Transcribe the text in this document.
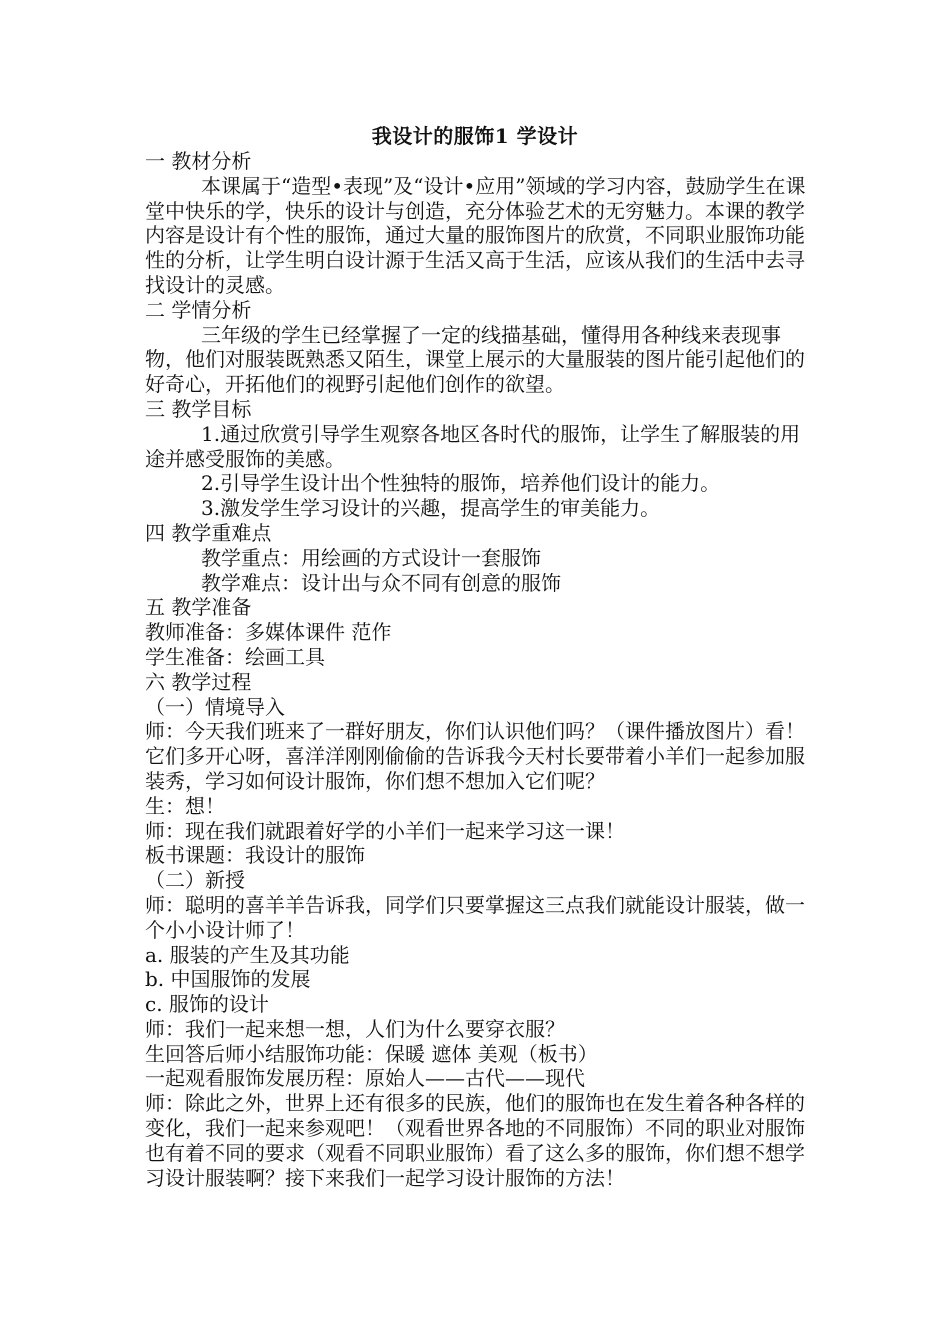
我设计的服饰1 学设计

一 教材分析

本课属于“造型•表现”及“设计•应用”领域的学习内容，鼓励学生在课堂中快乐的学，快乐的设计与创造，充分体验艺术的无穷魅力。本课的教学内容是设计有个性的服饰，通过大量的服饰图片的欣赏，不同职业服饰功能性的分析，让学生明白设计源于生活又高于生活，应该从我们的生活中去寻找设计的灵感。

二 学情分析

三年级的学生已经掌握了一定的线描基础，懂得用各种线来表现事物，他们对服装既熟悉又陌生，课堂上展示的大量服装的图片能引起他们的好奇心，开拓他们的视野引起他们创作的欲望。

三 教学目标

1.通过欣赏引导学生观察各地区各时代的服饰，让学生了解服装的用途并感受服饰的美感。

2.引导学生设计出个性独特的服饰，培养他们设计的能力。

3.激发学生学习设计的兴趣，提高学生的审美能力。

四 教学重难点

教学重点：用绘画的方式设计一套服饰

教学难点：设计出与众不同有创意的服饰

五 教学准备

教师准备：多媒体课件 范作

学生准备：绘画工具

六 教学过程

（一）情境导入

师：今天我们班来了一群好朋友，你们认识他们吗？（课件播放图片）看！它们多开心呀，喜洋洋刚刚偷偷的告诉我今天村长要带着小羊们一起参加服装秀，学习如何设计服饰，你们想不想加入它们呢？

生：想！

师：现在我们就跟着好学的小羊们一起来学习这一课！

板书课题：我设计的服饰

（二）新授

师：聪明的喜羊羊告诉我，同学们只要掌握这三点我们就能设计服装，做一个小小设计师了！

a. 服装的产生及其功能

b. 中国服饰的发展

c. 服饰的设计

师：我们一起来想一想，人们为什么要穿衣服？

生回答后师小结服饰功能：保暖 遮体 美观（板书）

一起观看服饰发展历程：原始人——古代——现代

师：除此之外，世界上还有很多的民族，他们的服饰也在发生着各种各样的变化，我们一起来参观吧！（观看世界各地的不同服饰）不同的职业对服饰也有着不同的要求（观看不同职业服饰）看了这么多的服饰，你们想不想学习设计服装啊？接下来我们一起学习设计服饰的方法！
